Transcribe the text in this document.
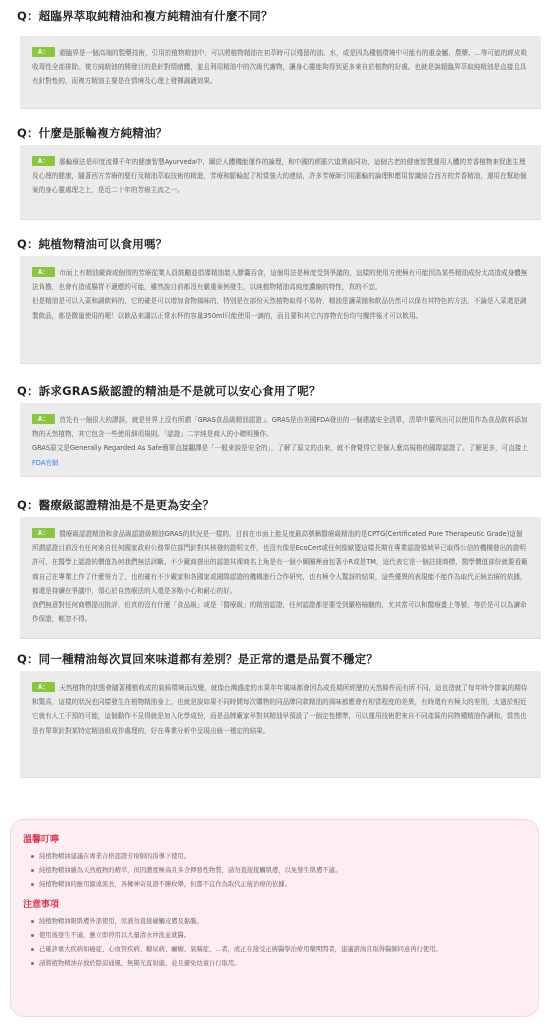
Q：超臨界萃取純精油和複方純精油有什麼不同？

A： 超臨界是一個高端的製藥技術，引用於植物精油中，可以將植物精油在初萃時可以殘留的油、水，或是因為種植環境中可能有的重金屬、農藥、...等可能的經皮吸收毒性全部排除。複方純精油的開發目的是針對情緒體，並且利用精油中的次級代謝物，讓身心靈能夠得到更多來自於植物的好處。也就是說超臨界萃取純精油是直接且具有針對性的，而複方精油主要是在情境及心理上發揮調適效果。

Q：什麼是脈輪複方純精油？

A： 脈輪療法是印度流傳千年的健康智慧Ayurveda中，關於人體機能運作的論理，和中國的經脈穴道異曲同功，這個古老的健康智慧運用人體的芳香植物來促進生理及心理的健康，隨著西方芳療的聖行及精油萃取技術的精進，芳療和脈輪起了相當強大的連結，許多芳療師引用脈輪的論理和應用智識結合西方的芳香精油，運用在幫助個案的身心靈處理之上，是近二十年的芳療主流之一。

Q：純植物精油可以食用嗎？

A： 市面上有精油廠商或個別的芳療從業人員鼓勵並倡導精油裝入膠囊吞食，這個用法是極度受到爭議的，這樣的使用方使極有可能因為某些精油成份太高造成身體無法負擔，也會有造成腸胃不適應的可能，雖然說目前都沒有嚴重案例發生，以純植物精油高純度濃縮的特性，真的不宜。

但是精油是可以入菜和調飲料的，它的確是可以增加食物風味的，特別是在部份天然植物取得不易時，精油是讓菜餚和飲品仍然可以保有其特色的方法，不論是入菜還是調製飲品，都是微量使用的喔！以飲品來講以正常水杯的容量350ml只能使用一滴的，而且要和其它內容物充份均勻攪拌後才可以飲用。

Q：訴求GRAS級認證的精油是不是就可以安心食用了呢？

A： 首先有一個很大的謬誤，就是世界上沒有所謂「GRAS食品級精油認證」。GRAS是由美國FDA發出的一個建議安全清單，清單中羅列出可以使用作為食品飲料添加物的天然植物，其它包含一些使用細項規則。「認證」二字純是商人的小聰明操作。

GRAS原文是Generally Regarded As Safe簡單直接翻譯是「一般來說是安全的」，了解了原文的由來，就不會覺得它是個人麼高規格的國際認證了。了解更多，可直接上FDA官網

Q：醫療級認證精油是不是更為安全？

A： 醫療級認證精油和食品級認證級精油GRAS的狀況是一樣的，目前在市面上能見度最高號稱醫療級精油的是CPTG(Certificated Pure Therapeutic Grade)這個所謂認證目前沒有任何來自任何國家政府公務單位部門針對其核發的證明文件，也沒有像是EcoCert或任何像歐盟這樣長期在專業認證領域早已取得公信的機構發出的證明許可，在醫學上認證的價值為何我們無法評斷。不少廠商提出的認證其裸商名上角是有一個小圖圈裡面包著小R或是TM，這代表它是一個註冊商標，醫學價值部份就要看廠商自己在專業上作了什麼努力了，也的確有不少廠家和各國家或國際認證的機構進行合作研究，也有極令人驚訝的結果，這些優異的表現能不能作為取代正統治療的依據，都還是持續在爭議中，領心於自然療法的人還是多點小心和耐心的好。

我們無意對任何商標提出批評，但真的沒有什麼「食品級」或是「醫療級」的精油認證，任何認證都是要受到嚴格檢驗的，尤其當可以和醫療畫上等號，等於是可以為讀命作保證，輕忽不得。

Q：同一種精油每次買回來味道都有差別？是正常的還是品質不穩定？

A： 天然植物的狀態會隨著種植收成的氣候環境而改變，就像台灣盛產的水果年年風味都會因為成長期所經歷的天然條件而有所不同，這也造就了每年時令節氣的期待和驚喜，這樣的狀況也同樣發生在植物精油身上，也就是說如果不同時間每次購物的同品牌同款精油的風味都應會有相當程度的差異，有時還有有極大的差別，太過於相近它就有人工干預的可能，這個動作不見得就是加入化學成份，而是品牌廠家早對其精油早預設了一個定性標準，可以運用技術把來自不同產區的同物種精油作調和，當然也是有單單針對某特定精油組成作處理的，好在專業分析中呈現出統一穩定的結果。

溫馨叮嚀
純植物精油建議在專業合格認證芳療師的指導下使用。
純植物精油雖為天然植物的精萃，但因濃度極高且多含揮發性物質，請勿直接接觸肌膚，以免發生肌膚不適。
純植物精油的應用源遠流長，各擁神奇見證不勝枚舉，但都不宜作為取代正統治療的依據。
注意事項
純植物精油限肌膚外部使用，原液勿直接碰觸皮膚及黏膜。
使用後發生不適，應立即停用以大量清水沖洗並就醫。
已確診重大疾病如癌症、心血管疾病、糖尿病、癲癇、氣喘症、...者，或正在接受正統醫學治療用藥期間者，建議諮詢且取得醫師同意再行使用。
請將植物精油存放於陰涼通風、無陽光直射處，並且避免幼童自行取用。
